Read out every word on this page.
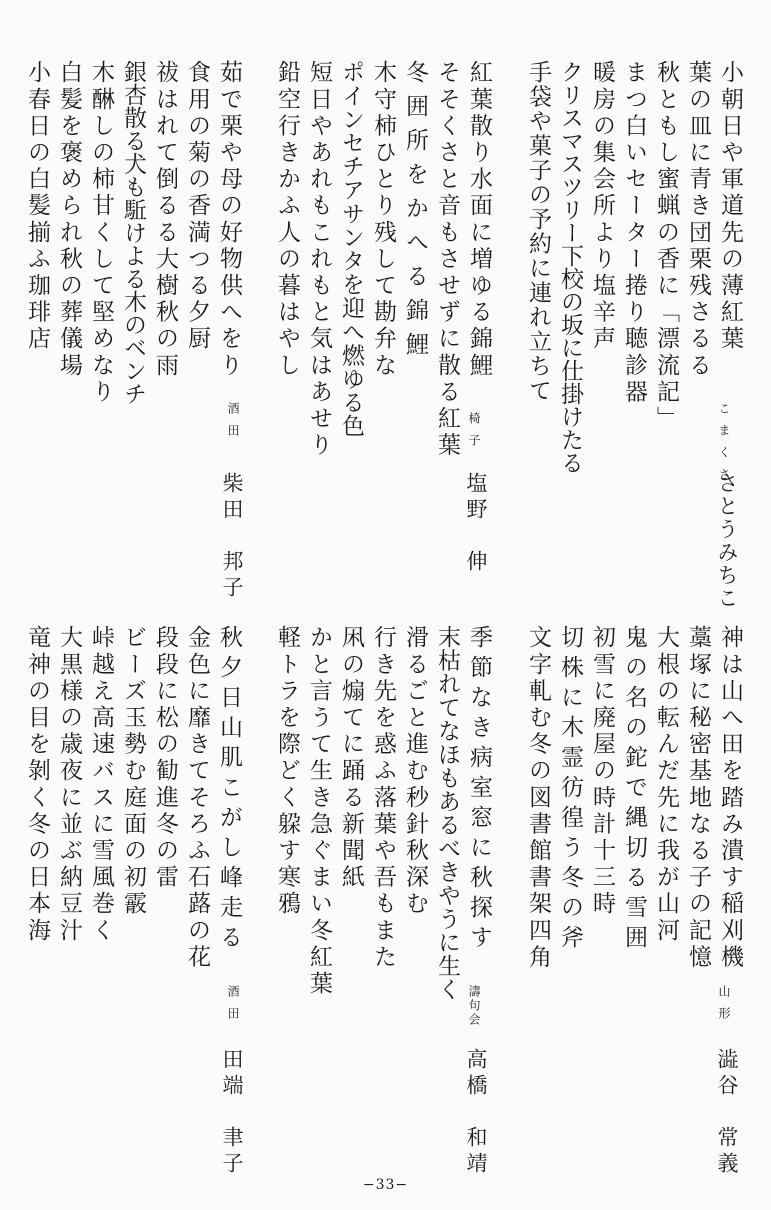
小朝日や軍道先の薄紅葉
葉の皿に青き団栗残さるる
秋ともし蜜蝋の香に「漂流記」
まつ白いセーター捲り聴診器
暖房の集会所より塩辛声
クリスマスツリー下校の坂に仕掛けたる
手袋や菓子の予約に連れ立ちて
こまくさ
さとうみちこ
紅葉散り水面に増ゆる錦鯉
そそくさと音もさせずに散る紅葉
冬囲所をかへる錦鯉
木守柿ひとり残して勘弁な
ポインセチアサンタを迎へ燃ゆる色
短日やあれもこれもと気はあせり
鉛空行きかふ人の暮はやし
椅子
塩野　伸
茹で栗や母の好物供へをり
食用の菊の香満つる夕厨
祓はれて倒るる大樹秋の雨
銀杏散る犬も駈けよる木のベンチ
木醂しの柿甘くして堅めなり
白髪を褒められ秋の葬儀場
小春日の白髪揃ふ珈琲店
酒田
柴田　邦子
神は山へ田を踏み潰す稲刈機
藁塚に秘密基地なる子の記憶
大根の転んだ先に我が山河
鬼の名の鉈で縄切る雪囲
初雪に廃屋の時計十三時
切株に木霊彷徨う冬の斧
文字軋む冬の図書館書架四角
山形
澁谷　常義
季節なき病室窓に秋探す
末枯れてなほもあるべきやうに生く
滑るごと進む秒針秋深む
行き先を惑ふ落葉や吾もまた
凩の煽てに踊る新聞紙
かと言うて生き急ぐまい冬紅葉
軽トラを際どく躱す寒鴉
濤句会
高橋　和靖
秋夕日山肌こがし峰走る
金色に靡きてそろふ石蕗の花
段段に松の勧進冬の雷
ビーズ玉勢む庭面の初霰
峠越え高速バスに雪風巻く
大黒様の歳夜に並ぶ納豆汁
竜神の目を剝く冬の日本海
酒田
田端　聿子
−33−
